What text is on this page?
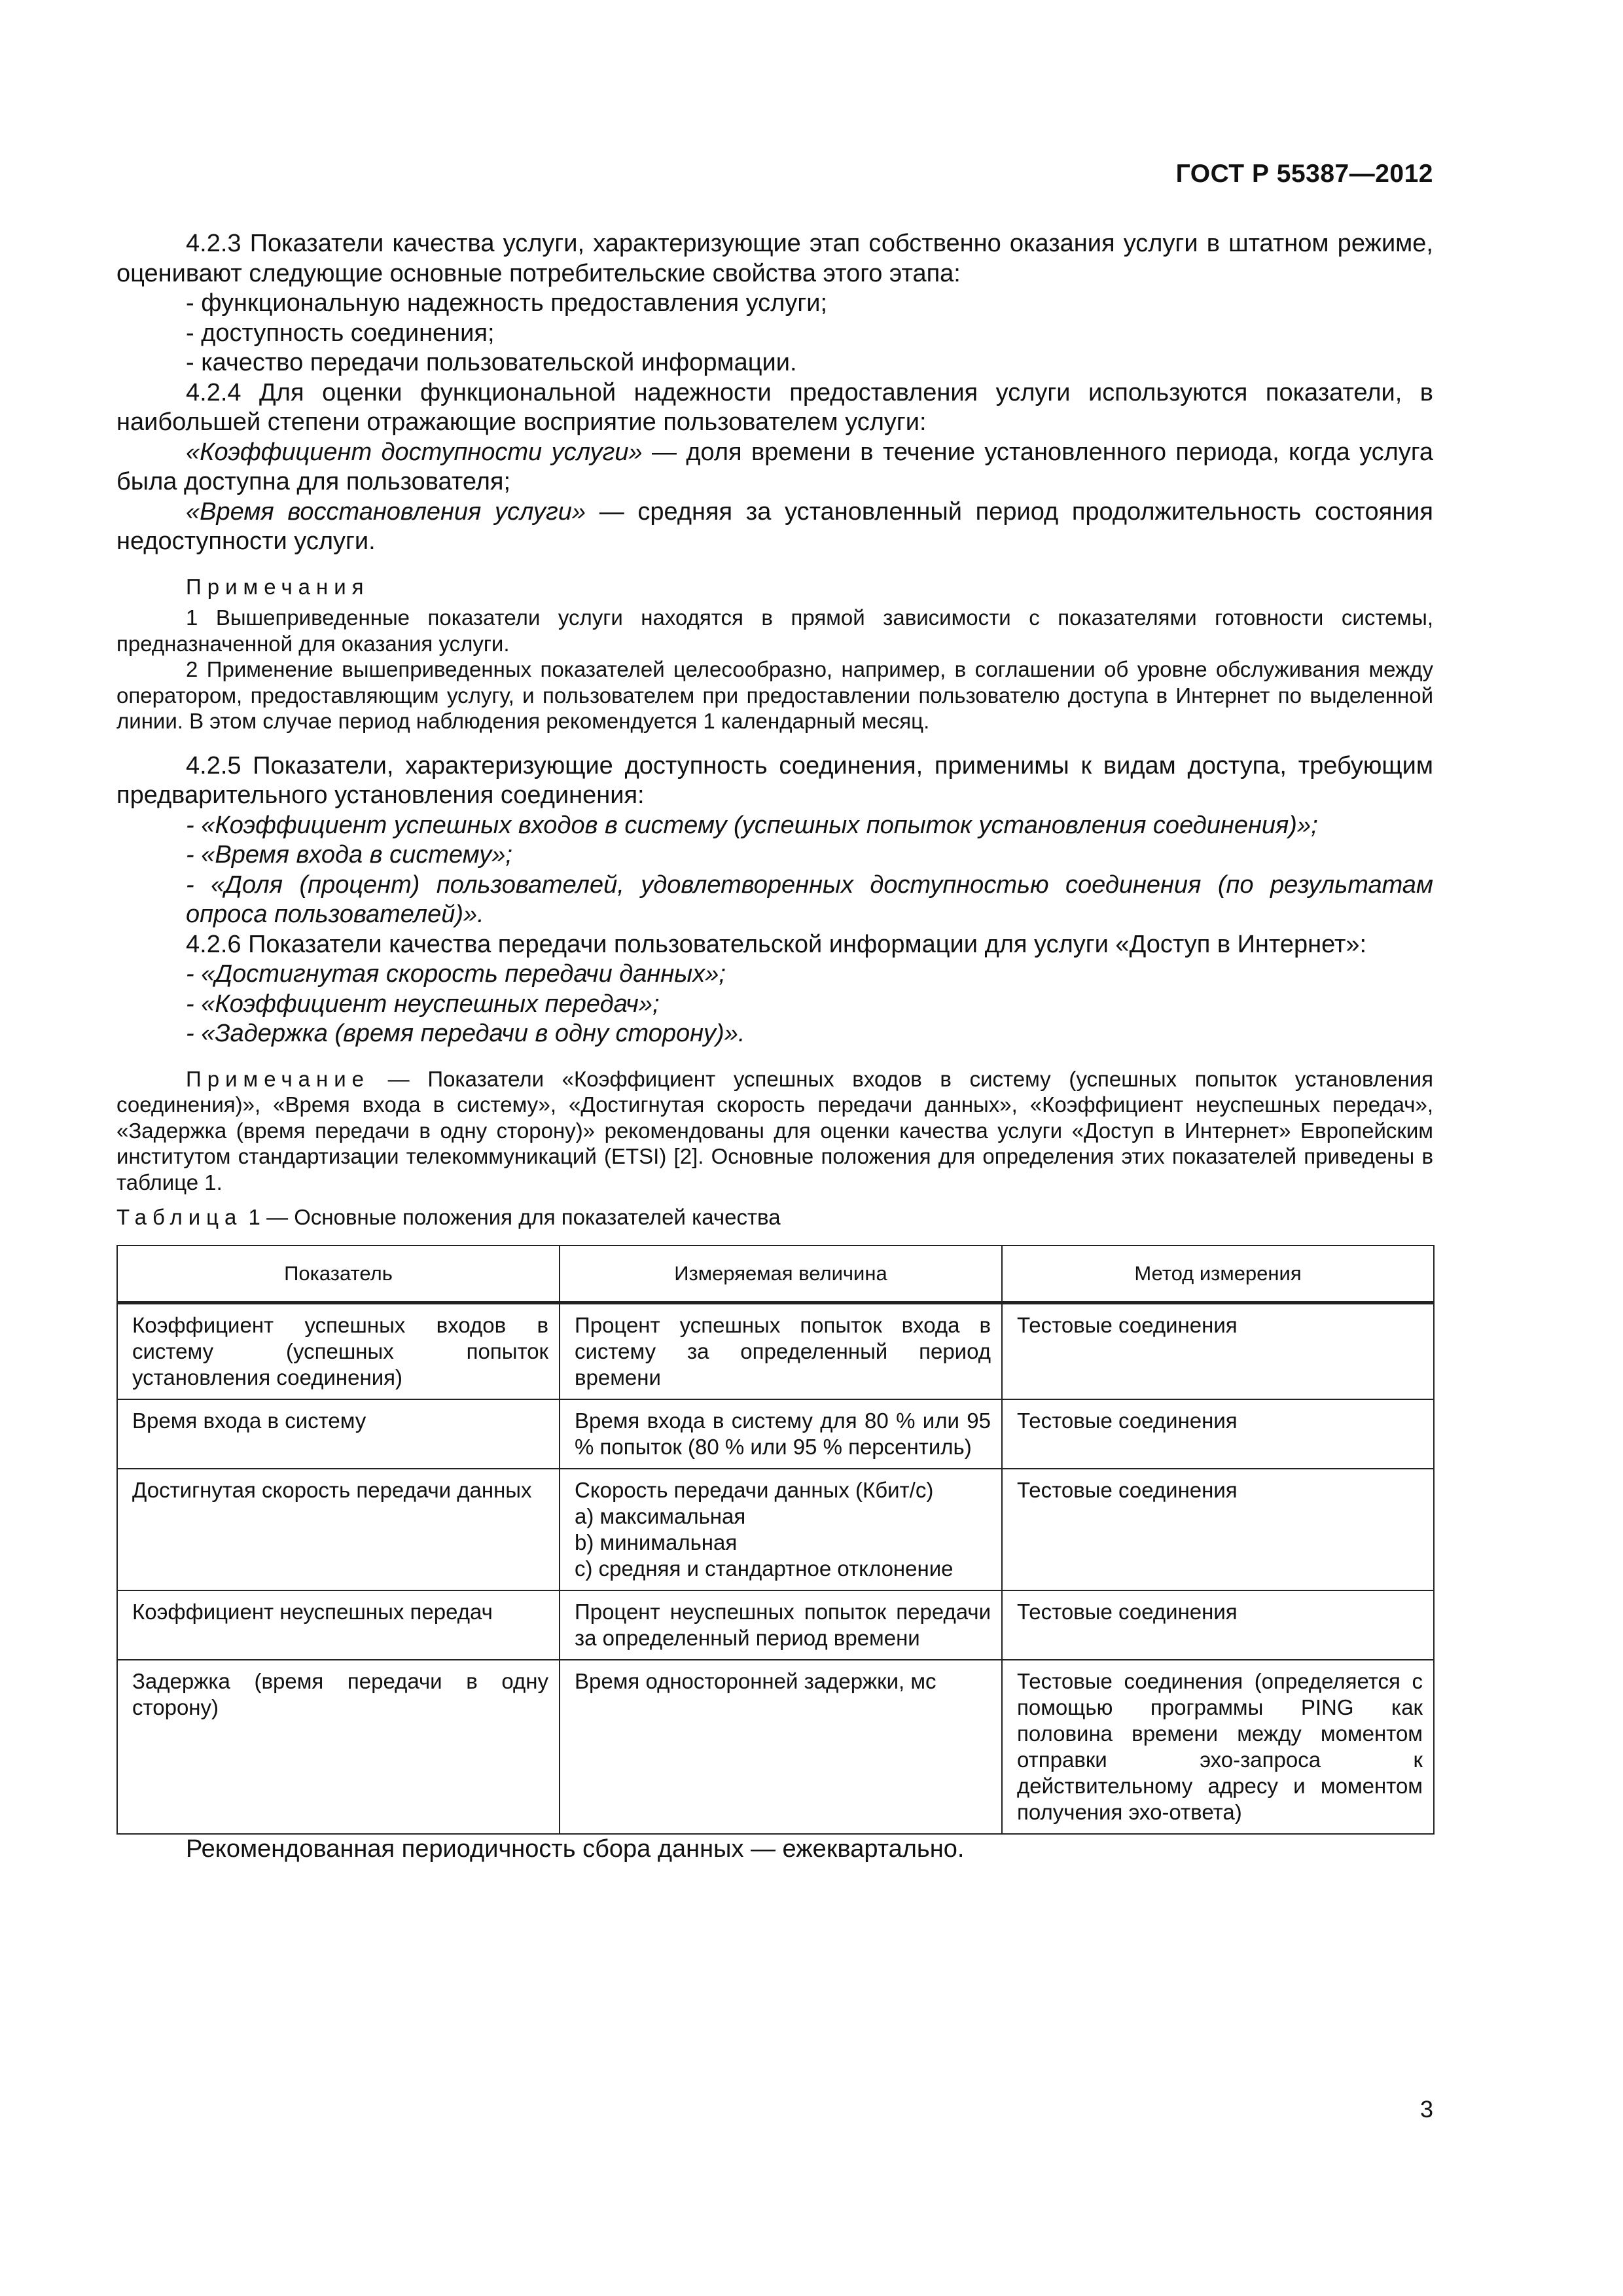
ГОСТ Р 55387—2012

4.2.3 Показатели качества услуги, характеризующие этап собственно оказания услуги в штатном режиме, оценивают следующие основные потребительские свойства этого этапа:

- функциональную надежность предоставления услуги;

- доступность соединения;

- качество передачи пользовательской информации.

4.2.4 Для оценки функциональной надежности предоставления услуги используются показатели, в наибольшей степени отражающие восприятие пользователем услуги:

«Коэффициент доступности услуги» — доля времени в течение установленного периода, когда услуга была доступна для пользователя;

«Время восстановления услуги» — средняя за установленный период продолжительность состояния недоступности услуги.

Примечания

1 Вышеприведенные показатели услуги находятся в прямой зависимости с показателями готовности системы, предназначенной для оказания услуги.

2 Применение вышеприведенных показателей целесообразно, например, в соглашении об уровне обслуживания между оператором, предоставляющим услугу, и пользователем при предоставлении пользователю доступа в Интернет по выделенной линии. В этом случае период наблюдения рекомендуется 1 календарный месяц.

4.2.5 Показатели, характеризующие доступность соединения, применимы к видам доступа, требующим предварительного установления соединения:

- «Коэффициент успешных входов в систему (успешных попыток установления соединения)»;

- «Время входа в систему»;

- «Доля (процент) пользователей, удовлетворенных доступностью соединения (по результатам опроса пользователей)».

4.2.6 Показатели качества передачи пользовательской информации для услуги «Доступ в Интернет»:

- «Достигнутая скорость передачи данных»;

- «Коэффициент неуспешных передач»;

- «Задержка (время передачи в одну сторону)».

Примечание — Показатели «Коэффициент успешных входов в систему (успешных попыток установления соединения)», «Время входа в систему», «Достигнутая скорость передачи данных», «Коэффициент неуспешных передач», «Задержка (время передачи в одну сторону)» рекомендованы для оценки качества услуги «Доступ в Интернет» Европейским институтом стандартизации телекоммуникаций (ETSI) [2]. Основные положения для определения этих показателей приведены в таблице 1.

Таблица 1 — Основные положения для показателей качества
Показатель	Измеряемая величина	Метод измерения
Коэффициент успешных входов в систему (успешных попыток установления соединения)	Процент успешных попыток входа в систему за определенный период времени	Тестовые соединения
Время входа в систему	Время входа в систему для 80 % или 95 % попыток (80 % или 95 % персентиль)	Тестовые соединения
Достигнутая скорость передачи данных	Скорость передачи данных (Кбит/с)
a) максимальная
b) минимальная
c) средняя и стандартное отклонение	Тестовые соединения
Коэффициент неуспешных передач	Процент неуспешных попыток передачи за определенный период времени	Тестовые соединения
Задержка (время передачи в одну сторону)	Время односторонней задержки, мс	Тестовые соединения (определяется с помощью программы PING как половина времени между моментом отправки эхо-запроса к действительному адресу и моментом получения эхо-ответа)

Рекомендованная периодичность сбора данных — ежеквартально.

3
